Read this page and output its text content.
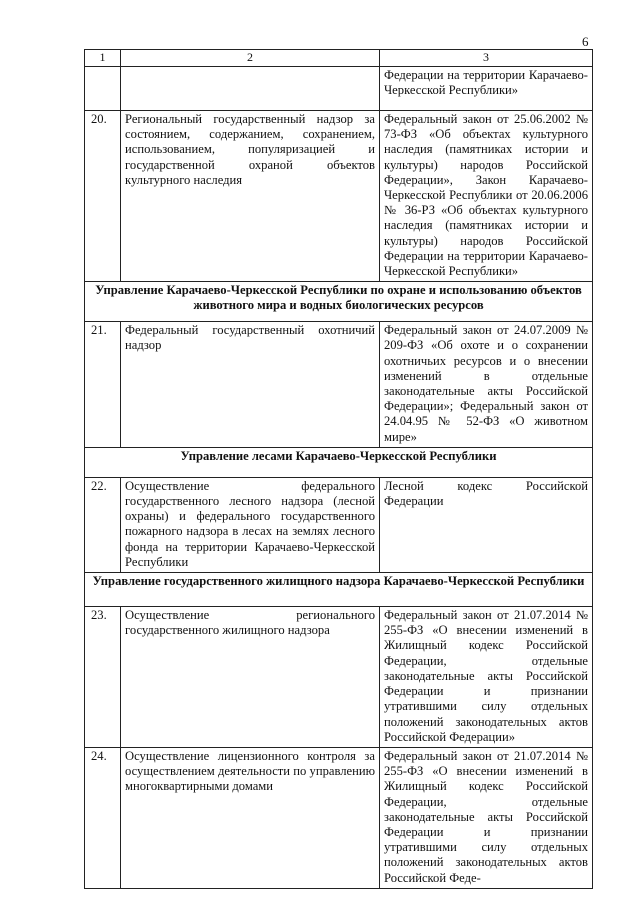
6
1	2	3
		Федерации на территории Карачаево-Черкесской Республики»
20.	Региональный государственный надзор за состоянием, содержанием, сохранением, использованием, популяризацией и государственной охраной объектов культурного наследия	Федеральный закон от 25.06.2002 № 73-ФЗ «Об объектах культурного наследия (памятниках истории и культуры) народов Российской Федерации», Закон Карачаево-Черкесской Республики от 20.06.2006 № 36-РЗ «Об объектах культурного наследия (памятниках истории и культуры) народов Российской Федерации на территории Карачаево-Черкесской Республики»
Управление Карачаево-Черкесской Республики по охране и использованию объектов животного мира и водных биологических ресурсов		
21.	Федеральный государственный охотничий надзор	Федеральный закон от 24.07.2009 № 209-ФЗ «Об охоте и о сохранении охотничьих ресурсов и о внесении изменений в отдельные законодательные акты Российской Федерации»; Федеральный закон от 24.04.95 № 52-ФЗ «О животном мире»
Управление лесами Карачаево-Черкесской Республики		
22.	Осуществление федерального государственного лесного надзора (лесной охраны) и федерального государственного пожарного надзора в лесах на землях лесного фонда на территории Карачаево-Черкесской Республики	Лесной кодекс Российской Федерации
Управление государственного жилищного надзора Карачаево-Черкесской Республики		
23.	Осуществление регионального государственного жилищного надзора	Федеральный закон от 21.07.2014 № 255-ФЗ «О внесении изменений в Жилищный кодекс Российской Федерации, отдельные законодательные акты Российской Федерации и признании утратившими силу отдельных положений законодательных актов Российской Федерации»
24.	Осуществление лицензионного контроля за осуществлением деятельности по управлению многоквартирными домами	Федеральный закон от 21.07.2014 № 255-ФЗ «О внесении изменений в Жилищный кодекс Российской Федерации, отдельные законодательные акты Российской Федерации и признании утратившими силу отдельных положений законодательных актов Российской Феде-
